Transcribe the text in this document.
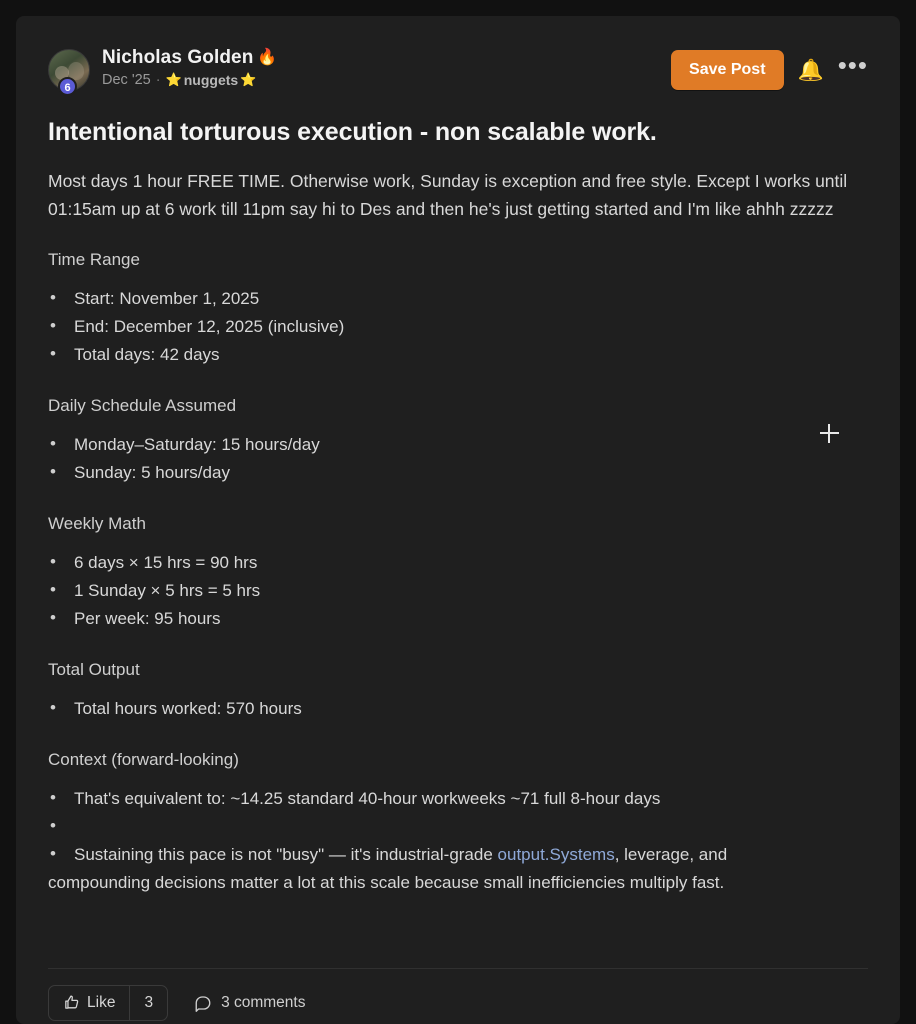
6
Nicholas Golden 🔥
Dec '25 · ⭐ nuggets ⭐
Save Post	🔔 •••
Intentional torturous execution - non scalable work.

Most days 1 hour FREE TIME. Otherwise work, Sunday is exception and free style. Except I works until 01:15am up at 6 work till 11pm say hi to Des and then he's just getting started and I'm like ahhh zzzzz

Time Range

• Start: November 1, 2025
• End: December 12, 2025 (inclusive)
• Total days: 42 days

Daily Schedule Assumed

• Monday–Saturday: 15 hours/day
• Sunday: 5 hours/day

Weekly Math

• 6 days × 15 hrs = 90 hrs
• 1 Sunday × 5 hrs = 5 hrs
• Per week: 95 hours

Total Output

• Total hours worked: 570 hours

Context (forward-looking)

• That's equivalent to: ~14.25 standard 40-hour workweeks ~71 full 8-hour days
•
• Sustaining this pace is not "busy" — it's industrial-grade output.Systems, leverage, and

compounding decisions matter a lot at this scale because small inefficiencies multiply fast.

Like	3	3 comments
